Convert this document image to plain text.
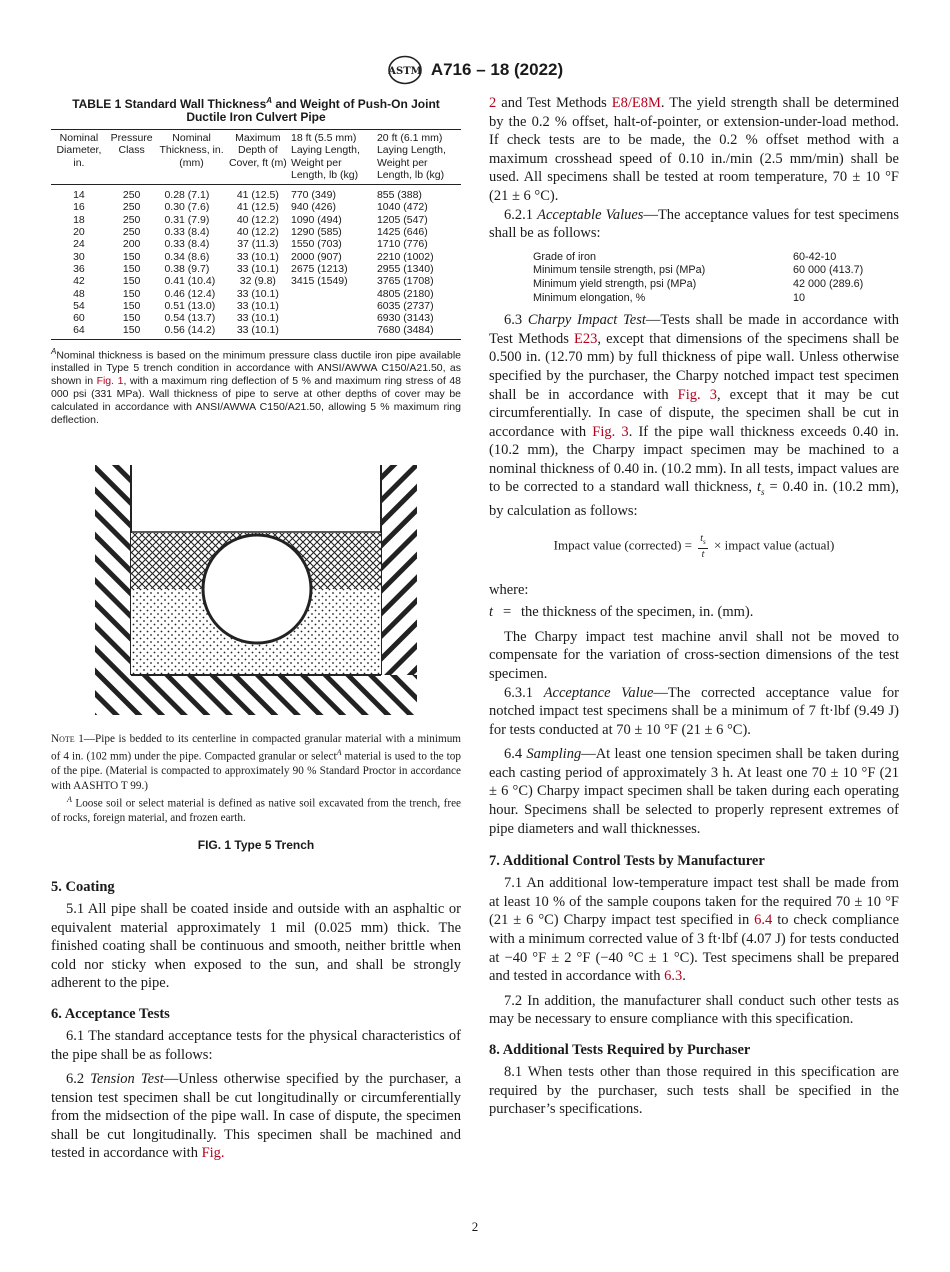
ASTM A716 – 18 (2022)
TABLE 1 Standard Wall Thickness$^A$ and Weight of Push-On Joint Ductile Iron Culvert Pipe
Nominal Diameter, in.	Pressure Class	Nominal Thickness, in. (mm)	Maximum Depth of Cover, ft (m)	18 ft (5.5 mm) Laying Length, Weight per Length, lb (kg)	20 ft (6.1 mm) Laying Length, Weight per Length, lb (kg)
14	250	0.28 (7.1)	41 (12.5)	770 (349)	855 (388)
16	250	0.30 (7.6)	41 (12.5)	940 (426)	1040 (472)
18	250	0.31 (7.9)	40 (12.2)	1090 (494)	1205 (547)
20	250	0.33 (8.4)	40 (12.2)	1290 (585)	1425 (646)
24	200	0.33 (8.4)	37 (11.3)	1550 (703)	1710 (776)
30	150	0.34 (8.6)	33 (10.1)	2000 (907)	2210 (1002)
36	150	0.38 (9.7)	33 (10.1)	2675 (1213)	2955 (1340)
42	150	0.41 (10.4)	32 (9.8)	3415 (1549)	3765 (1708)
48	150	0.46 (12.4)	33 (10.1)		4805 (2180)
54	150	0.51 (13.0)	33 (10.1)		6035 (2737)
60	150	0.54 (13.7)	33 (10.1)		6930 (3143)
64	150	0.56 (14.2)	33 (10.1)		7680 (3484)
$^A$Nominal thickness is based on the minimum pressure class ductile iron pipe available installed in Type 5 trench condition in accordance with ANSI/AWWA C150/A21.50, as shown in Fig. 1, with a maximum ring deflection of 5 % and maximum ring stress of 48 000 psi (331 MPa). Wall thickness of pipe to serve at other depths of cover may be calculated in accordance with ANSI/AWWA C150/A21.50, allowing 5 % maximum ring deflection.
Note 1—Pipe is bedded to its centerline in compacted granular material with a minimum of 4 in. (102 mm) under the pipe. Compacted granular or select$^A$ material is used to the top of the pipe. (Material is compacted to approximately 90 % Standard Proctor in accordance with AASHTO T 99.)
$^A$ Loose soil or select material is defined as native soil excavated from the trench, free of rocks, foreign material, and frozen earth.
FIG. 1 Type 5 Trench
5. Coating

5.1 All pipe shall be coated inside and outside with an asphaltic or equivalent material approximately 1 mil (0.025 mm) thick. The finished coating shall be continuous and smooth, neither brittle when cold nor sticky when exposed to the sun, and shall be strongly adherent to the pipe.

6. Acceptance Tests

6.1 The standard acceptance tests for the physical characteristics of the pipe shall be as follows:

6.2 Tension Test—Unless otherwise specified by the purchaser, a tension test specimen shall be cut longitudinally or circumferentially from the midsection of the pipe wall. In case of dispute, the specimen shall be cut longitudinally. This specimen shall be machined and tested in accordance with Fig.

2 and Test Methods E8/E8M. The yield strength shall be determined by the 0.2 % offset, halt-of-pointer, or extension-under-load method. If check tests are to be made, the 0.2 % offset method with a maximum crosshead speed of 0.10 in./min (2.5 mm/min) shall be used. All specimens shall be tested at room temperature, 70 ± 10 °F (21 ± 6 °C).

6.2.1 Acceptable Values—The acceptance values for test specimens shall be as follows:

Grade of iron	60-42-10
Minimum tensile strength, psi (MPa)	60 000 (413.7)
Minimum yield strength, psi (MPa)	42 000 (289.6)
Minimum elongation, %	10

6.3 Charpy Impact Test—Tests shall be made in accordance with Test Methods E23, except that dimensions of the specimens shall be 0.500 in. (12.70 mm) by full thickness of pipe wall. Unless otherwise specified by the purchaser, the Charpy notched impact test specimen shall be in accordance with Fig. 3, except that it may be cut circumferentially. In case of dispute, the specimen shall be cut in accordance with Fig. 3. If the pipe wall thickness exceeds 0.40 in. (10.2 mm), the Charpy impact specimen may be machined to a nominal thickness of 0.40 in. (10.2 mm). In all tests, impact values are to be corrected to a standard wall thickness, $t_s = 0.40$ in. (10.2 mm), by calculation as follows:

Impact value (corrected) = $\frac{t_s}{t}$ × impact value (actual)
where:
t = the thickness of the specimen, in. (mm).

The Charpy impact test machine anvil shall not be moved to compensate for the variation of cross-section dimensions of the test specimen.

6.3.1 Acceptance Value—The corrected acceptance value for notched impact test specimens shall be a minimum of 7 ft·lbf (9.49 J) for tests conducted at 70 ± 10 °F (21 ± 6 °C).

6.4 Sampling—At least one tension specimen shall be taken during each casting period of approximately 3 h. At least one 70 ± 10 °F (21 ± 6 °C) Charpy impact specimen shall be taken during each operating hour. Specimens shall be selected to properly represent extremes of pipe diameters and wall thicknesses.

7. Additional Control Tests by Manufacturer

7.1 An additional low-temperature impact test shall be made from at least 10 % of the sample coupons taken for the required 70 ± 10 °F (21 ± 6 °C) Charpy impact test specified in 6.4 to check compliance with a minimum corrected value of 3 ft·lbf (4.07 J) for tests conducted at −40 °F ± 2 °F (−40 °C ± 1 °C). Test specimens shall be prepared and tested in accordance with 6.3.

7.2 In addition, the manufacturer shall conduct such other tests as may be necessary to ensure compliance with this specification.

8. Additional Tests Required by Purchaser

8.1 When tests other than those required in this specification are required by the purchaser, such tests shall be specified in the purchaser’s specifications.

2
